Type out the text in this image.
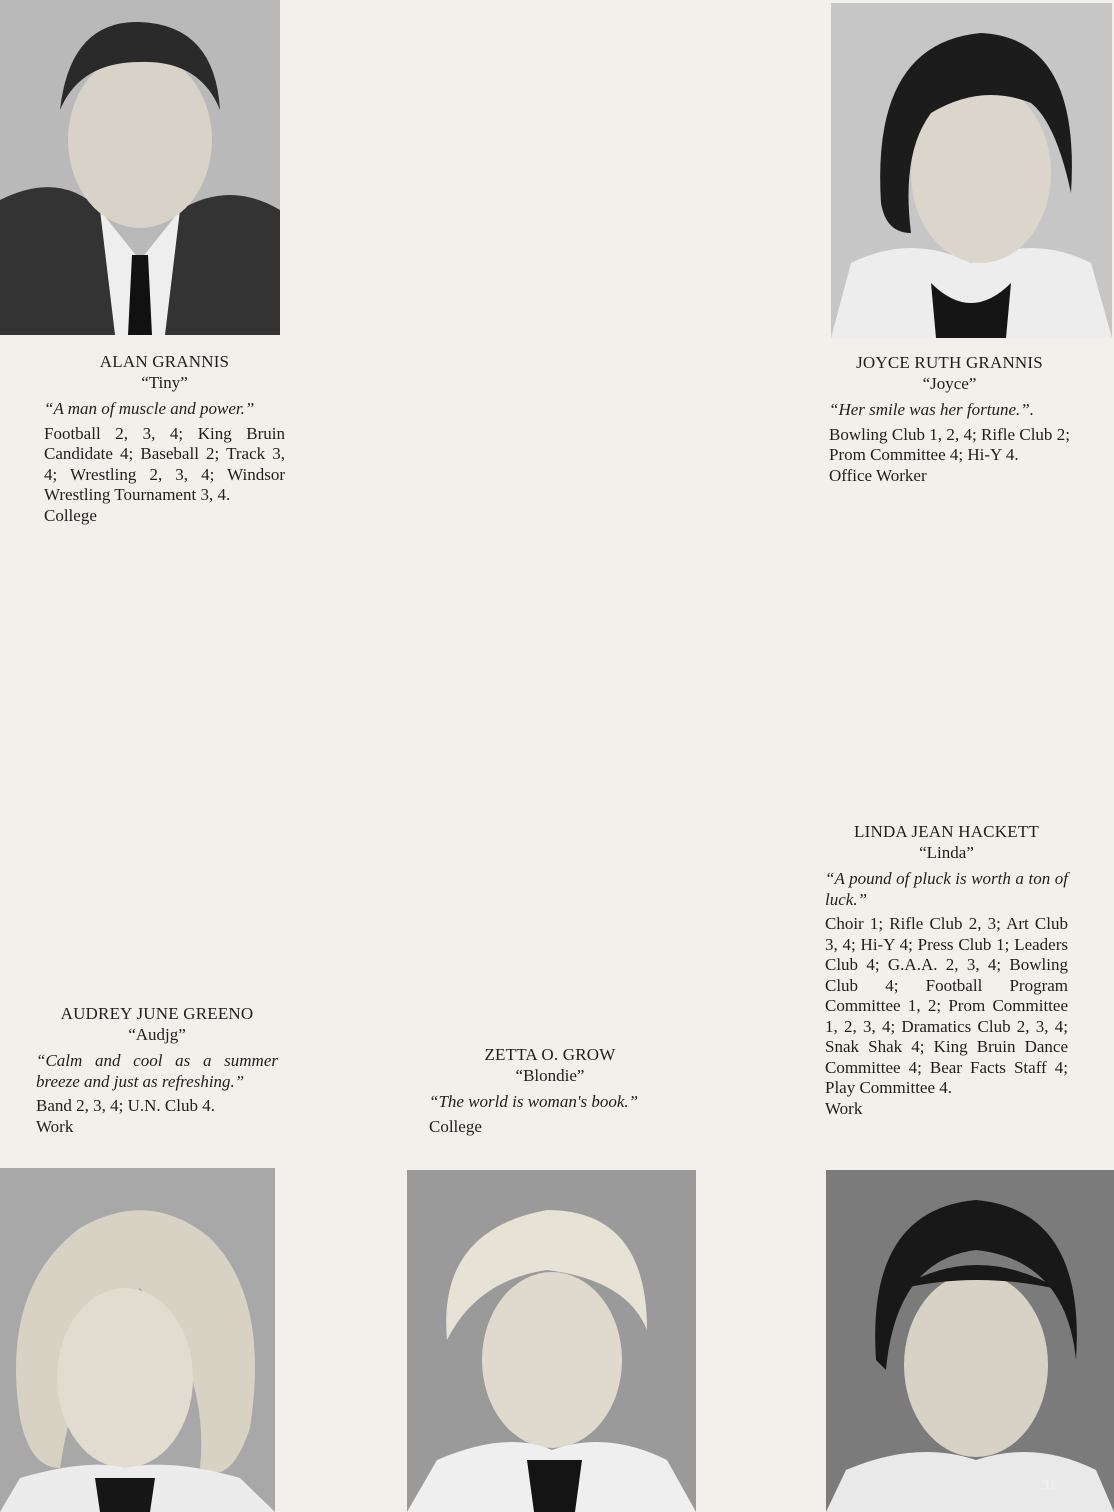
ALAN GRANNIS
“Tiny”
“A man of muscle and power.”
Football 2, 3, 4; King Bruin Candidate 4; Baseball 2; Track 3, 4; Wrestling 2, 3, 4; Windsor Wrestling Tournament 3, 4.
College
JOYCE RUTH GRANNIS
“Joyce”
“Her smile was her fortune.”.
Bowling Club 1, 2, 4; Rifle Club 2; Prom Committee 4; Hi-Y 4.
Office Worker
LINDA JEAN HACKETT
“Linda”
“A pound of pluck is worth a ton of luck.”
Choir 1; Rifle Club 2, 3; Art Club 3, 4; Hi-Y 4; Press Club 1; Leaders Club 4; G.A.A. 2, 3, 4; Bowling Club 4; Football Program Committee 1, 2; Prom Committee 1, 2, 3, 4; Dramatics Club 2, 3, 4; Snak Shak 4; King Bruin Dance Committee 4; Bear Facts Staff 4; Play Committee 4.
Work
AUDREY JUNE GREENO
“Audjg”
“Calm and cool as a summer breeze and just as refreshing.”
Band 2, 3, 4; U.N. Club 4.
Work
ZETTA O. GROW
“Blondie”
“The world is woman's book.”
College
31
